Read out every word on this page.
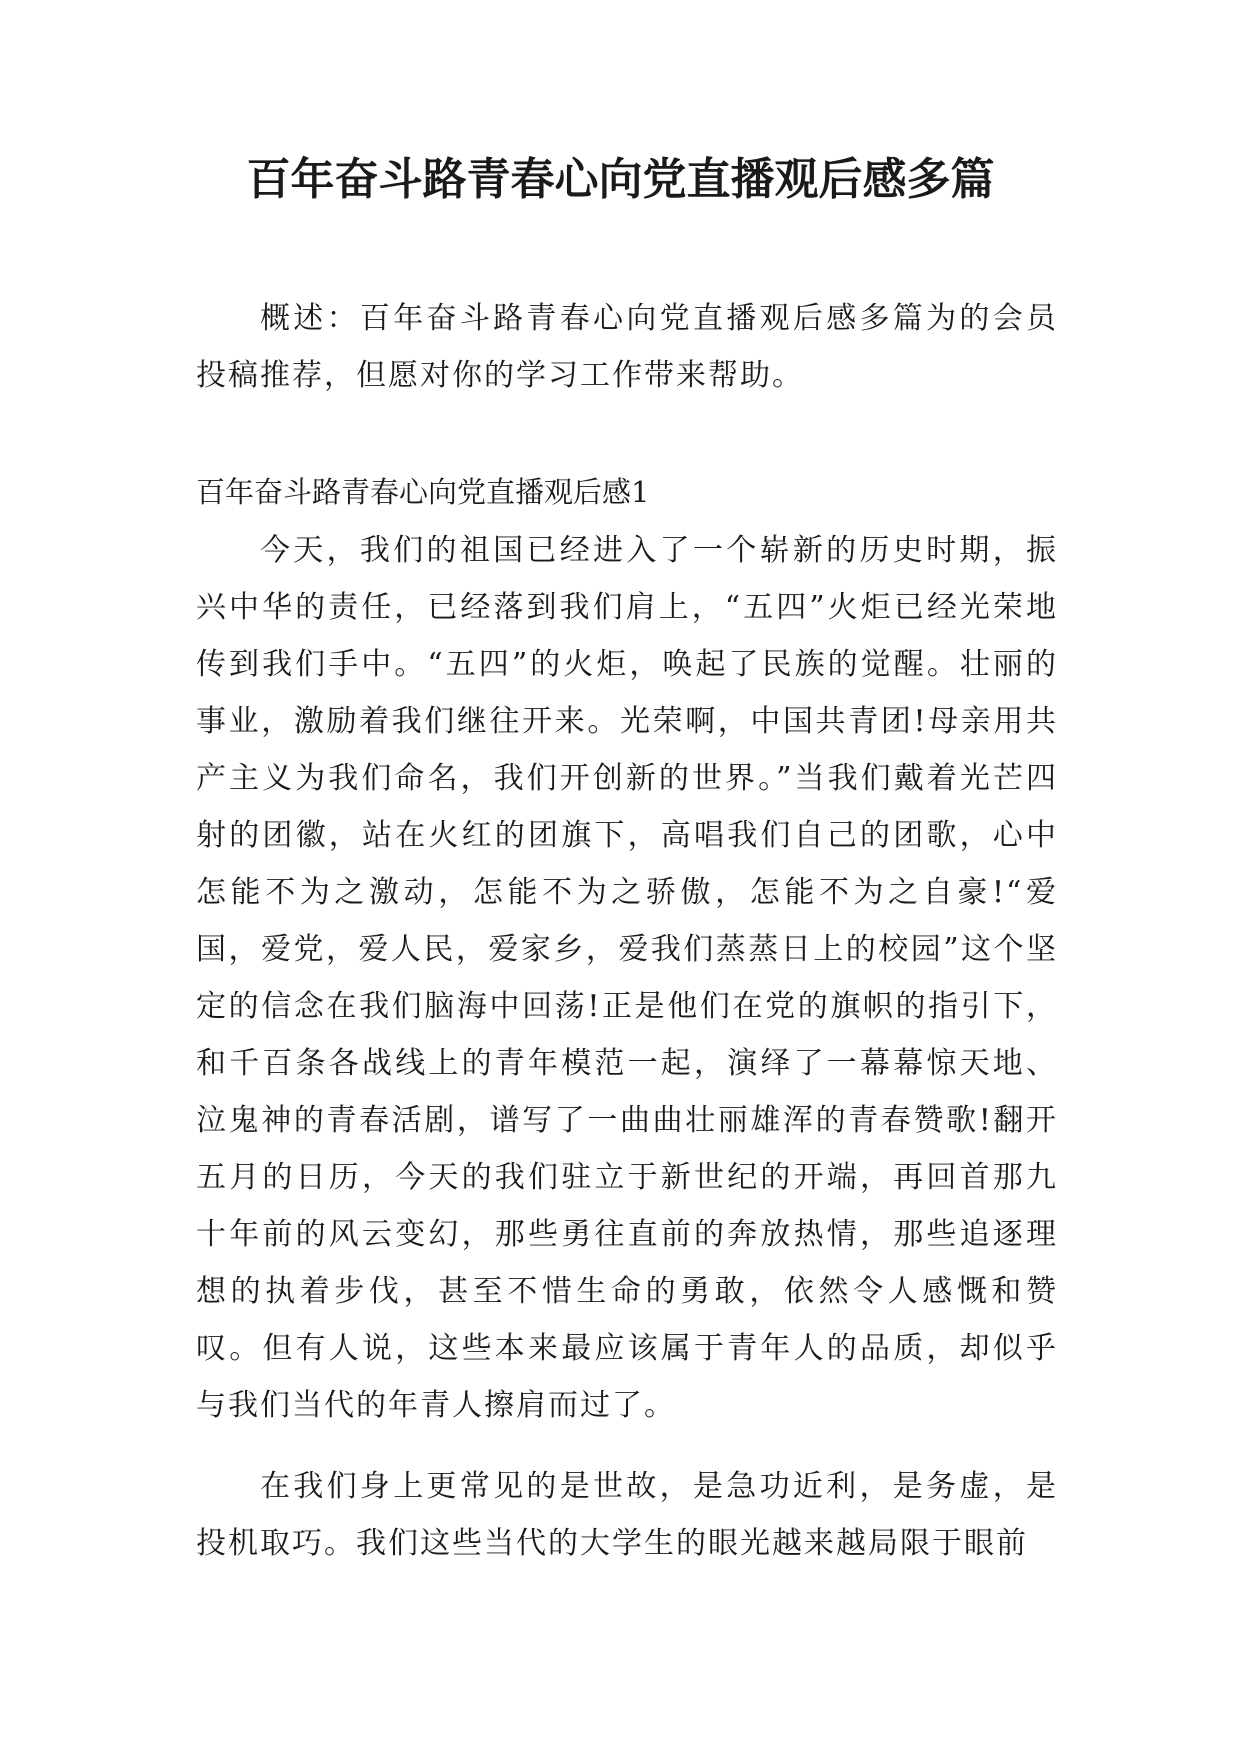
百年奋斗路青春心向党直播观后感多篇

概述：百年奋斗路青春心向党直播观后感多篇为的会员投稿推荐，但愿对你的学习工作带来帮助。

百年奋斗路青春心向党直播观后感1

今天，我们的祖国已经进入了一个崭新的历史时期，振兴中华的责任，已经落到我们肩上，“五四”火炬已经光荣地传到我们手中。“五四”的火炬，唤起了民族的觉醒。壮丽的事业，激励着我们继往开来。光荣啊，中国共青团!母亲用共产主义为我们命名，我们开创新的世界。”当我们戴着光芒四射的团徽，站在火红的团旗下，高唱我们自己的团歌，心中怎能不为之激动，怎能不为之骄傲，怎能不为之自豪!“爱国，爱党，爱人民，爱家乡，爱我们蒸蒸日上的校园”这个坚定的信念在我们脑海中回荡!正是他们在党的旗帜的指引下，和千百条各战线上的青年模范一起，演绎了一幕幕惊天地、泣鬼神的青春活剧，谱写了一曲曲壮丽雄浑的青春赞歌!翻开五月的日历，今天的我们驻立于新世纪的开端，再回首那九十年前的风云变幻，那些勇往直前的奔放热情，那些追逐理想的执着步伐，甚至不惜生命的勇敢，依然令人感慨和赞叹。但有人说，这些本来最应该属于青年人的品质，却似乎与我们当代的年青人擦肩而过了。

在我们身上更常见的是世故，是急功近利，是务虚，是投机取巧。我们这些当代的大学生的眼光越来越局限于眼前
